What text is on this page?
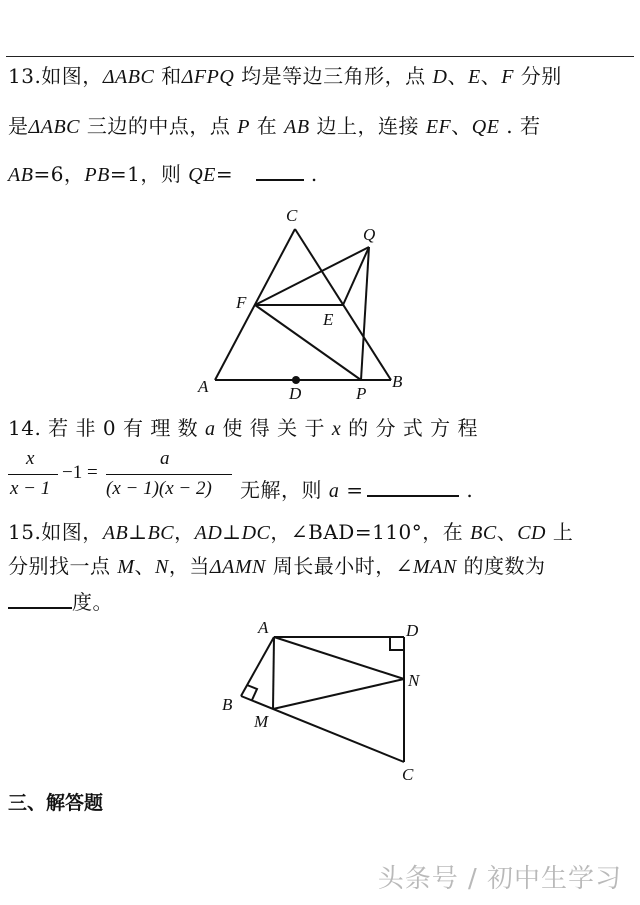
13.如图，ΔABC 和ΔFPQ 均是等边三角形，点 D、E、F 分别
是ΔABC 三边的中点，点 P 在 AB 边上，连接 EF、QE . 若
AB=6，PB=1，则 QE=	.
C
Q
F
E
A	D	P
B
14. 若 非 0 有 理 数 a 使 得 关 于 x 的 分 式 方 程
x
x − 1
−1 =
a
(x − 1)(x − 2) 无解，则 a =	.
15.如图，AB⊥BC，AD⊥DC，∠BAD=110°，在 BC、CD 上
分别找一点 M、N，当ΔAMN 周长最小时，∠MAN 的度数为
度。
A	D
N
B
M
C
三、解答题
头条号 / 初中生学习
